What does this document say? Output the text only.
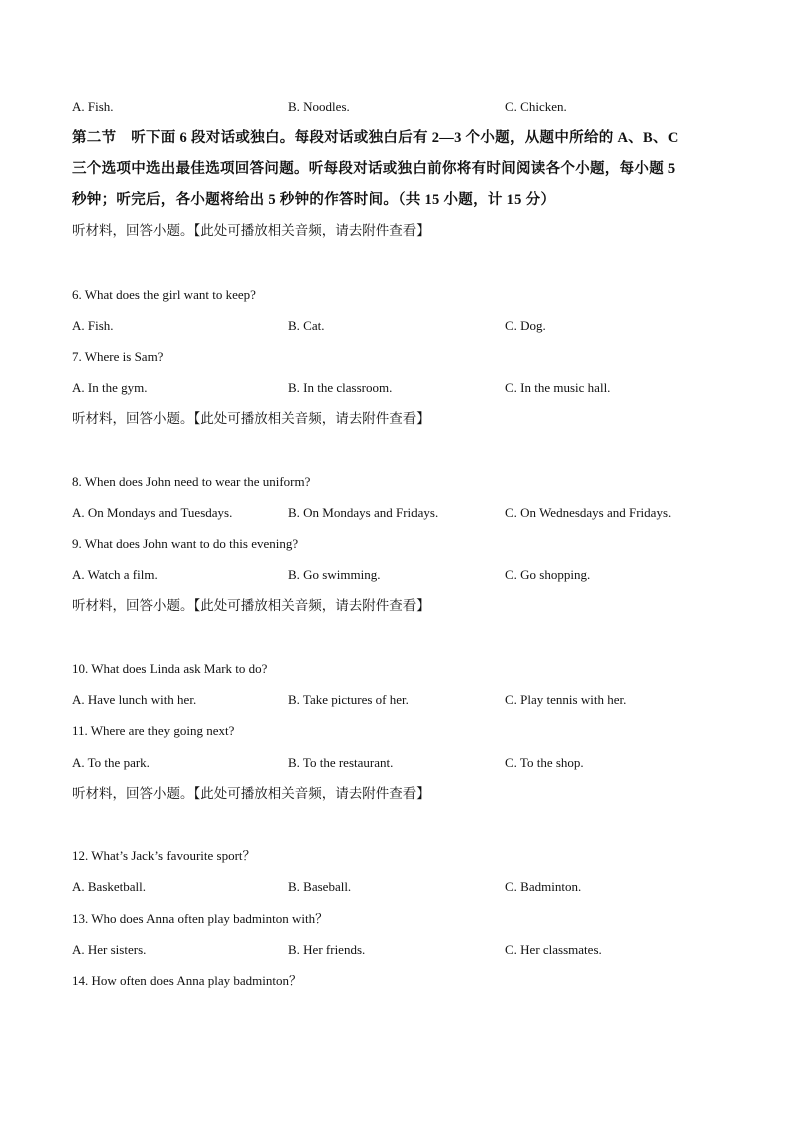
A. Fish.	B. Noodles.	C. Chicken.
第二节　听下面 6 段对话或独白。每段对话或独白后有 2—3 个小题，从题中所给的 A、B、C
三个选项中选出最佳选项回答问题。听每段对话或独白前你将有时间阅读各个小题，每小题 5
秒钟；听完后，各小题将给出 5 秒钟的作答时间。（共 15 小题，计 15 分）
听材料，回答小题。【此处可播放相关音频，请去附件查看】
6. What does the girl want to keep?
A. Fish.	B. Cat.	C. Dog.
7. Where is Sam?
A. In the gym.	B. In the classroom.	C. In the music hall.
听材料，回答小题。【此处可播放相关音频，请去附件查看】
8. When does John need to wear the uniform?
A. On Mondays and Tuesdays.	B. On Mondays and Fridays.	C. On Wednesdays and Fridays.
9. What does John want to do this evening?
A. Watch a film.	B. Go swimming.	C. Go shopping.
听材料，回答小题。【此处可播放相关音频，请去附件查看】
10. What does Linda ask Mark to do?
A. Have lunch with her.	B. Take pictures of her.	C. Play tennis with her.
11. Where are they going next?
A. To the park.	B. To the restaurant.	C. To the shop.
听材料，回答小题。【此处可播放相关音频，请去附件查看】
12. What’s Jack’s favourite sport？
A. Basketball.	B. Baseball.	C. Badminton.
13. Who does Anna often play badminton with？
A. Her sisters.	B. Her friends.	C. Her classmates.
14. How often does Anna play badminton？
